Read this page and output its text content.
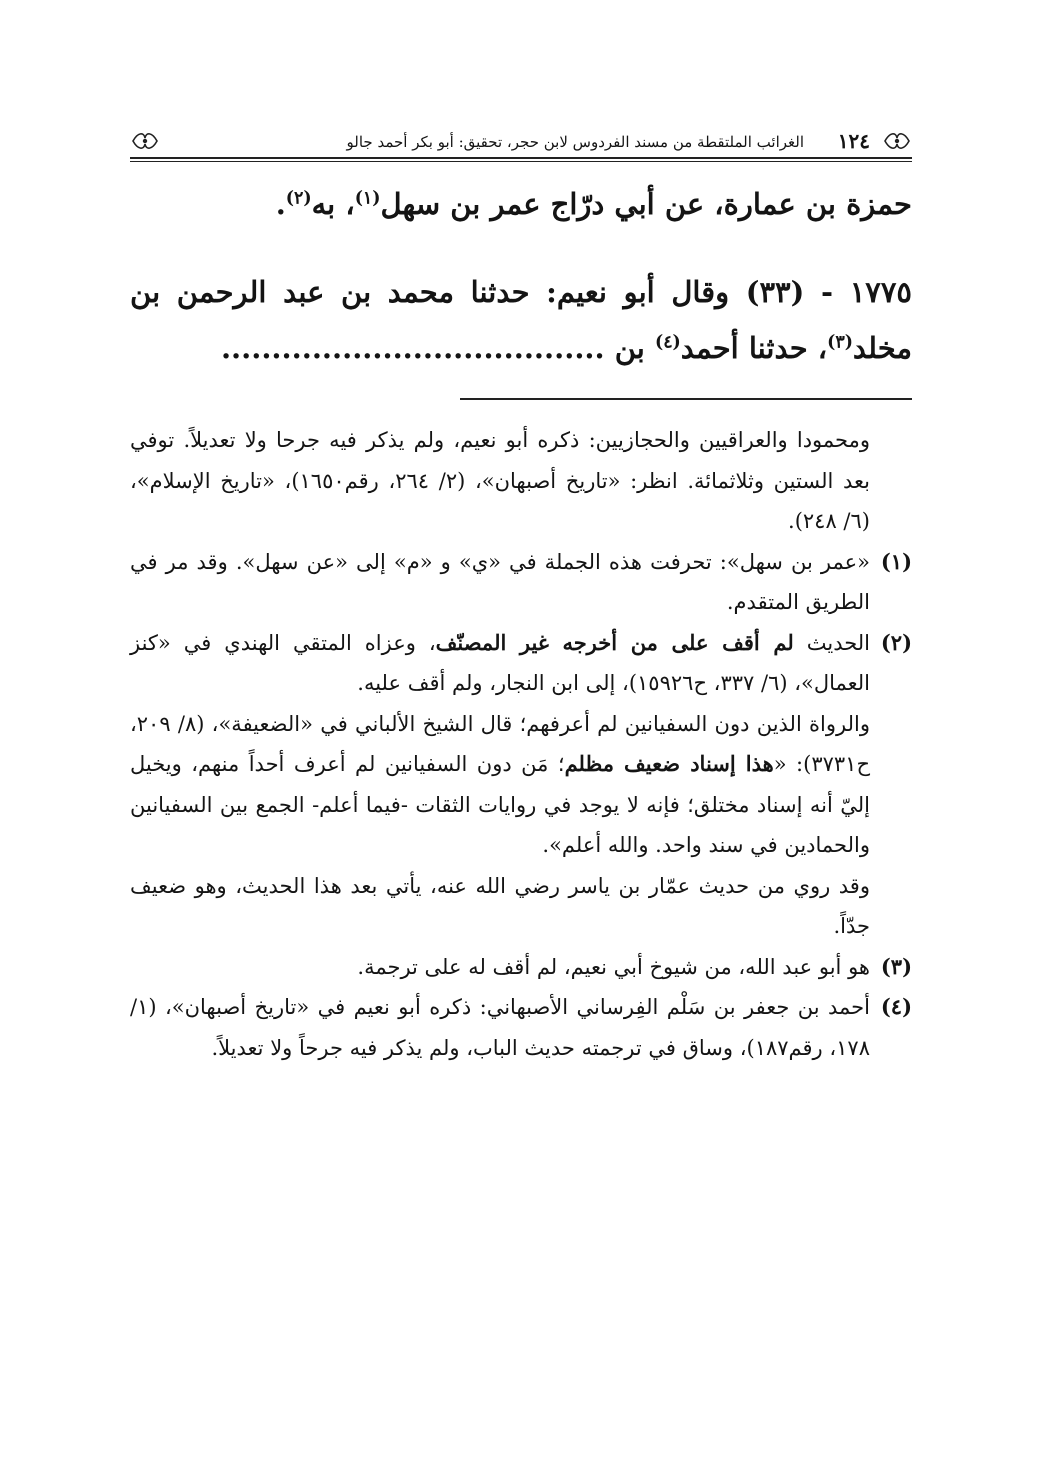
١٢٤
الغرائب الملتقطة من مسند الفردوس لابن حجر، تحقيق: أبو بكر أحمد جالو
حمزة بن عمارة، عن أبي درّاج عمر بن سهل$^{(١)}$، به$^{(٢)}$.
١٧٧٥ - (٣٣) وقال أبو نعيم: حدثنا محمد بن عبد الرحمن بن مخلد$^{(٣)}$، حدثنا أحمد$^{(٤)}$ بن ......................................

ومحمودا والعراقيين والحجازيين: ذكره أبو نعيم، ولم يذكر فيه جرحا ولا تعديلاً. توفي بعد الستين وثلاثمائة. انظر: «تاريخ أصبهان»، (٢/ ٢٦٤، رقم١٦٥٠)، «تاريخ الإسلام»، (٦/ ٢٤٨).

(١)
«عمر بن سهل»: تحرفت هذه الجملة في «ي» و «م» إلى «عن سهل». وقد مر في الطريق المتقدم.
(٢)
الحديث لم أقف على من أخرجه غير المصنّف، وعزاه المتقي الهندي في «كنز العمال»، (٦/ ٣٣٧، ح١٥٩٢٦)، إلى ابن النجار، ولم أقف عليه.

والرواة الذين دون السفيانين لم أعرفهم؛ قال الشيخ الألباني في «الضعيفة»، (٨/ ٢٠٩، ح٣٧٣١): «هذا إسناد ضعيف مظلم؛ مَن دون السفيانين لم أعرف أحداً منهم، ويخيل إليّ أنه إسناد مختلق؛ فإنه لا يوجد في روايات الثقات -فيما أعلم- الجمع بين السفيانين والحمادين في سند واحد. والله أعلم».

وقد روي من حديث عمّار بن ياسر رضي الله عنه، يأتي بعد هذا الحديث، وهو ضعيف جدّاً.

(٣)
هو أبو عبد الله، من شيوخ أبي نعيم، لم أقف له على ترجمة.
(٤)
أحمد بن جعفر بن سَلْم الفِرساني الأصبهاني: ذكره أبو نعيم في «تاريخ أصبهان»، (١/ ١٧٨، رقم١٨٧)، وساق في ترجمته حديث الباب، ولم يذكر فيه جرحاً ولا تعديلاً.
